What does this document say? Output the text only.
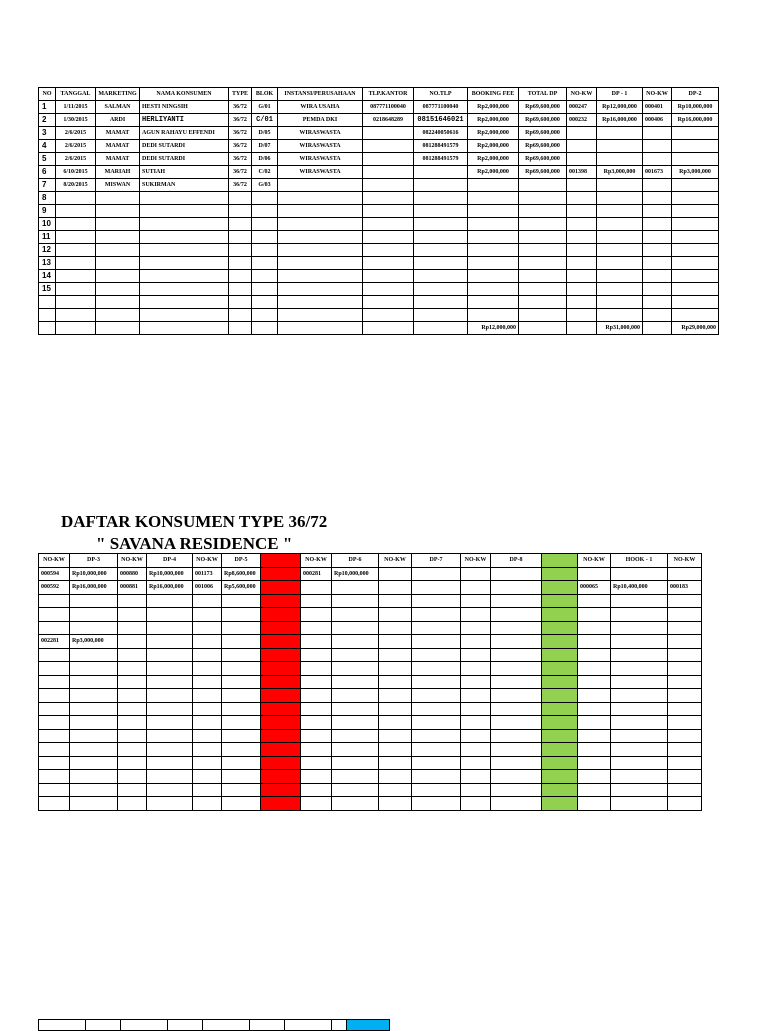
NO	TANGGAL	MARKETING	NAMA KONSUMEN	TYPE	BLOK	INSTANSI/PERUSAHAAN	TLP.KANTOR	NO.TLP	BOOKING FEE	TOTAL DP	NO-KW	DP - 1	NO-KW	DP-2
1	1/11/2015	SALMAN	HESTI NINGSIH	36/72	G/01	WIRA USAHA	087771100040	087771100040	Rp2,000,000	Rp69,600,000	000247	Rp12,000,000	000401	Rp10,000,000
2	1/30/2015	ARDI	HERLIYANTI	36/72	C/01	PEMDA DKI	0218648289	08151646021	Rp2,000,000	Rp69,600,000	000232	Rp16,000,000	000406	Rp16,000,000
3	2/6/2015	MAMAT	AGUN RAHAYU EFFENDI	36/72	D/05	WIRASWASTA		082240050616	Rp2,000,000	Rp69,600,000				
4	2/6/2015	MAMAT	DEDI SUTARDI	36/72	D/07	WIRASWASTA		081288491579	Rp2,000,000	Rp69,600,000				
5	2/6/2015	MAMAT	DEDI SUTARDI	36/72	D/06	WIRASWASTA		081288491579	Rp2,000,000	Rp69,600,000				
6	6/10/2015	MARIAH	SUTIAH	36/72	C/02	WIRASWASTA			Rp2,000,000	Rp69,600,000	001398	Rp3,000,000	001673	Rp3,000,000
7	8/20/2015	MISWAN	SUKIRMAN	36/72	G/03									
8														
9														
10														
11														
12														
13														
14														
15														

									Rp12,000,000			Rp31,000,000		Rp29,000,000
DAFTAR KONSUMEN TYPE 36/72
" SAVANA RESIDENCE "
NO-KW	DP-3	NO-KW	DP-4	NO-KW	DP-5		NO-KW	DP-6	NO-KW	DP-7	NO-KW	DP-8		NO-KW	HOOK - 1	NO-KW
000594	Rp10,000,000	000880	Rp10,000,000	001173	Rp8,600,000		000281	Rp10,000,000								
000592	Rp16,000,000	000881	Rp16,000,000	001006	Rp5,600,000									000065	Rp10,400,000	000183

002281	Rp3,000,000															
